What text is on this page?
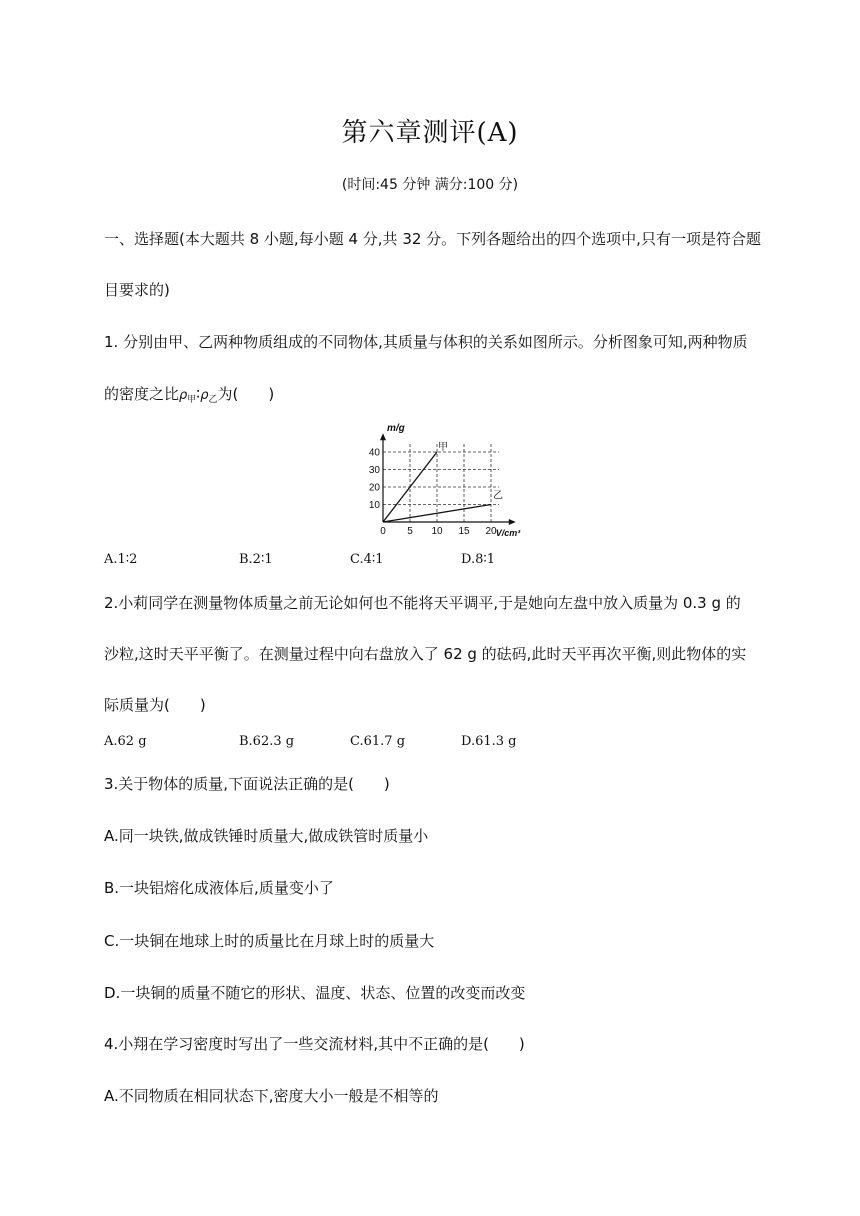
第六章测评(A)
(时间:45 分钟 满分:100 分)
一、选择题(本大题共 8 小题,每小题 4 分,共 32 分。下列各题给出的四个选项中,只有一项是符合题
目要求的)
1. 分别由甲、乙两种物质组成的不同物体,其质量与体积的关系如图所示。分析图象可知,两种物质
的密度之比$\rho_甲∶\rho_乙$为(　　)
0 5 10 15 20
10
20
30
40
m/g
V/cm³
甲
乙
A.1∶2	B.2∶1	C.4∶1	D.8∶1
2.小莉同学在测量物体质量之前无论如何也不能将天平调平,于是她向左盘中放入质量为 0.3 g 的
沙粒,这时天平平衡了。在测量过程中向右盘放入了 62 g 的砝码,此时天平再次平衡,则此物体的实
际质量为(　　)
A.62 g	B.62.3 g	C.61.7 g	D.61.3 g
3.关于物体的质量,下面说法正确的是(　　)
A.同一块铁,做成铁锤时质量大,做成铁管时质量小
B.一块铝熔化成液体后,质量变小了
C.一块铜在地球上时的质量比在月球上时的质量大
D.一块铜的质量不随它的形状、温度、状态、位置的改变而改变
4.小翔在学习密度时写出了一些交流材料,其中不正确的是(　　)
A.不同物质在相同状态下,密度大小一般是不相等的
